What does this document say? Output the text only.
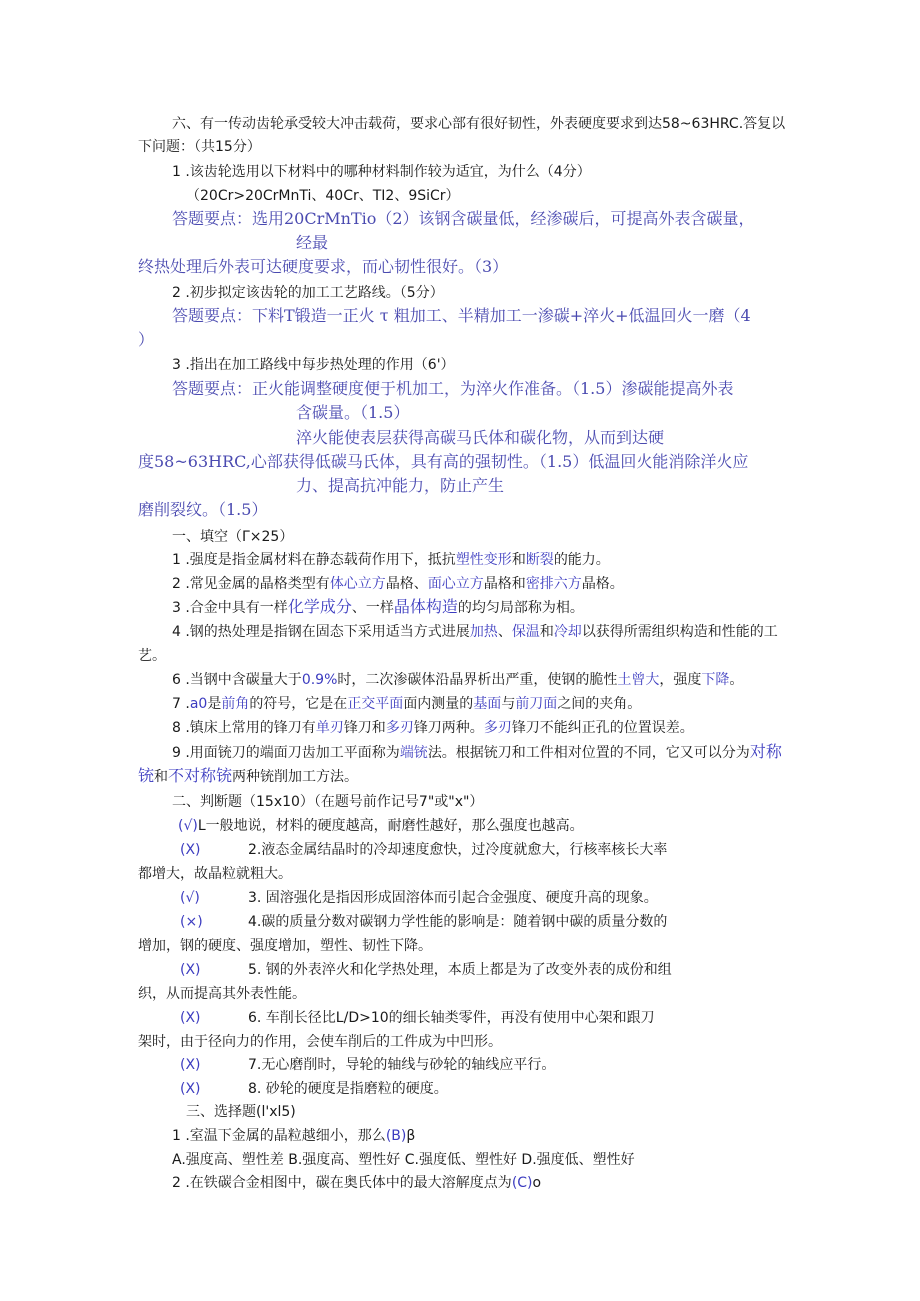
六、有一传动齿轮承受较大冲击载荷，要求心部有很好韧性，外表硬度要求到达58~63HRC.答复以
下问题：（共15分）
1 .该齿轮选用以下材料中的哪种材料制作较为适宜，为什么（4分）
（20Cr>20CrMnTi、40Cr、TI2、9SiCr）
答题要点：选用20CrMnTio（2）该钢含碳量低，经渗碳后，可提高外表含碳量，
经最
终热处理后外表可达硬度要求，而心韧性很好。（3）
2 .初步拟定该齿轮的加工工艺路线。（5分）
答题要点：下料T锻造一正火 τ 粗加工、半精加工一渗碳+淬火+低温回火一磨（4
）
3 .指出在加工路线中每步热处理的作用（6'）
答题要点：正火能调整硬度便于机加工，为淬火作准备。（1.5）渗碳能提高外表
含碳量。（1.5）
淬火能使表层获得高碳马氏体和碳化物，从而到达硬
度58~63HRC,心部获得低碳马氏体，具有高的强韧性。（1.5）低温回火能消除洋火应
力、提高抗冲能力，防止产生
磨削裂纹。（1.5）
一、填空（Γ×25）
1 .强度是指金属材料在静态载荷作用下，抵抗塑性变形和断裂的能力。
2 .常见金属的晶格类型有体心立方晶格、面心立方晶格和密排六方晶格。
3 .合金中具有一样化学成分、一样晶体构造的均匀局部称为相。
4 .钢的热处理是指钢在固态下采用适当方式进展加热、保温和冷却以获得所需组织构造和性能的工
艺。
6 .当钢中含碳量大于0.9%时，二次渗碳体沿晶界析出严重，使钢的脆性土曾大，强度下降。
7 .a0是前角的符号，它是在正交平面面内测量的基面与前刀面之间的夹角。
8 .镇床上常用的锋刀有单刃锋刀和多刃锋刀两种。多刃锋刀不能纠正孔的位置误差。
9 .用面铳刀的端面刀齿加工平面称为端铳法。根据铳刀和工件相对位置的不同，它又可以分为对称
铳和不对称铳两种铳削加工方法。
二、判断题（15x10）（在题号前作记号7"或"x"）
(√)L一般地说，材料的硬度越高，耐磨性越好，那么强度也越高。
(X)	2.液态金属结晶时的冷却速度愈快，过冷度就愈大，行核率核长大率
都增大，故晶粒就粗大。
(√)	3. 固溶强化是指因形成固溶体而引起合金强度、硬度升高的现象。
(×)	4.碳的质量分数对碳钢力学性能的影响是：随着钢中碳的质量分数的
增加，钢的硬度、强度增加，塑性、韧性下降。
(X)	5. 钢的外表淬火和化学热处理，本质上都是为了改变外表的成份和组
织，从而提高其外表性能。
(X)	6. 车削长径比L/D>10的细长轴类零件，再没有使用中心架和跟刀
架时，由于径向力的作用，会使车削后的工件成为中凹形。
(X)	7.无心磨削时，导轮的轴线与砂轮的轴线应平行。
(X)	8. 砂轮的硬度是指磨粒的硬度。
三、选择题(l'xl5)
1 .室温下金属的晶粒越细小，那么(B)β
A.强度高、塑性差 B.强度高、塑性好 C.强度低、塑性好 D.强度低、塑性好
2 .在铁碳合金相图中，碳在奥氏体中的最大溶解度点为(C)o
